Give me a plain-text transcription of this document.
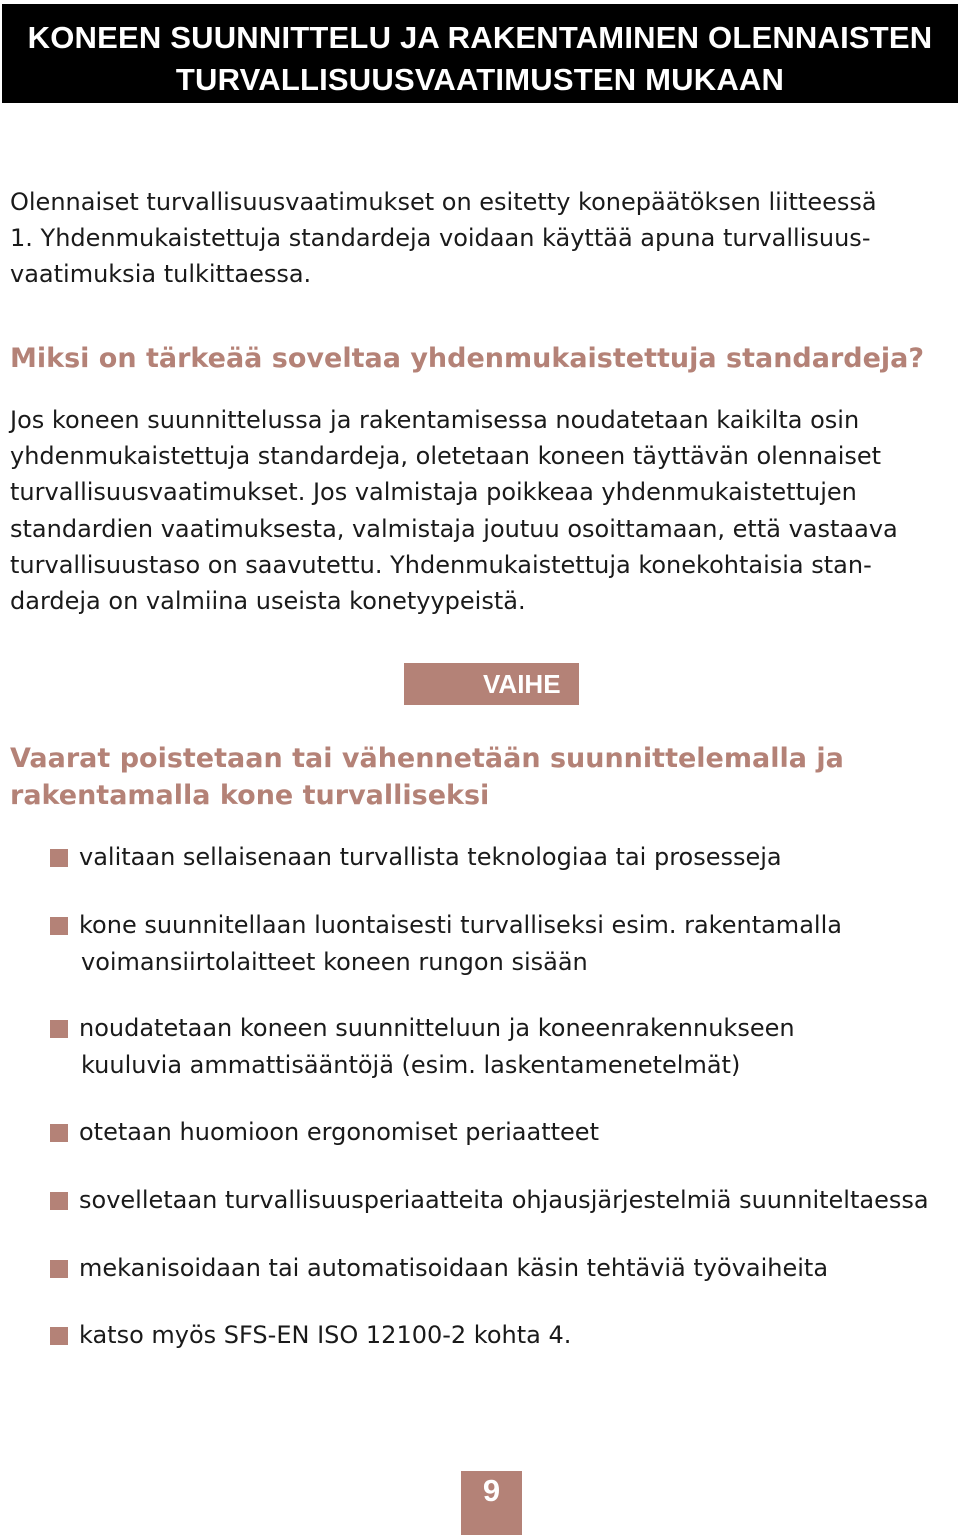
KONEEN SUUNNITTELU JA RAKENTAMINEN OLENNAISTEN
TURVALLISUUSVAATIMUSTEN MUKAAN
Olennaiset turvallisuusvaatimukset on esitetty konepäätöksen liitteessä
1. Yhdenmukaistettuja standardeja voidaan käyttää apuna turvallisuus-
vaatimuksia tulkittaessa.
Miksi on tärkeää soveltaa yhdenmukaistettuja standardeja?
Jos koneen suunnittelussa ja rakentamisessa noudatetaan kaikilta osin
yhdenmukaistettuja standardeja, oletetaan koneen täyttävän olennaiset
turvallisuusvaatimukset. Jos valmistaja poikkeaa yhdenmukaistettujen
standardien vaatimuksesta, valmistaja joutuu osoittamaan, että vastaava
turvallisuustaso on saavutettu. Yhdenmukaistettuja konekohtaisia stan-
dardeja on valmiina useista konetyypeistä.
VAIHE
Vaarat poistetaan tai vähennetään suunnittelemalla ja
rakentamalla kone turvalliseksi
valitaan sellaisenaan turvallista teknologiaa tai prosesseja
kone suunnitellaan luontaisesti turvalliseksi esim. rakentamalla
voimansiirtolaitteet koneen rungon sisään
noudatetaan koneen suunnitteluun ja koneenrakennukseen
kuuluvia ammattisääntöjä (esim. laskentamenetelmät)
otetaan huomioon ergonomiset periaatteet
sovelletaan turvallisuusperiaatteita ohjausjärjestelmiä suunniteltaessa
mekanisoidaan tai automatisoidaan käsin tehtäviä työvaiheita
katso myös SFS-EN ISO 12100-2 kohta 4.
9
